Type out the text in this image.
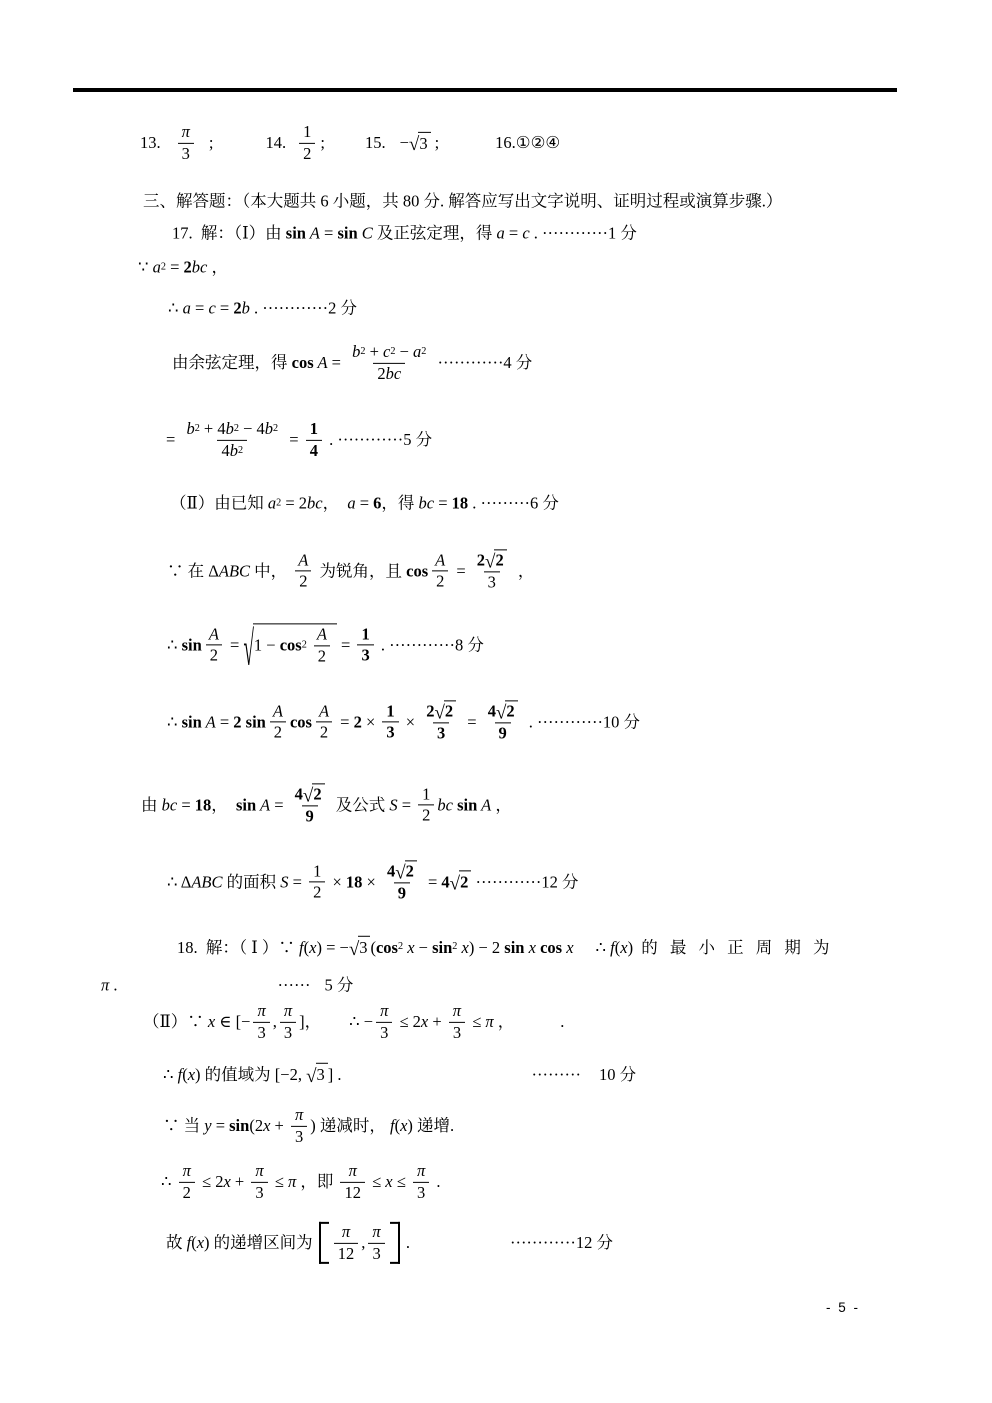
13. $\frac{\pi}{3}$ ;	14. $\frac{1}{2}$ ; 15. − √ 3 ;	16.①②④
三、解答题：（本大题共 6 小题，共 80 分. 解答应写出文字说明、证明过程或演算步骤.）
17.  解：（Ⅰ）由 sin A = sin C 及正弦定理，得 a = c . ············1 分
∵ a 2 = 2 bc ，
∴ a = c = 2 b . ············2 分
由余弦定理，得 $\cos A = \frac{b 2 + c 2 - a 2}{2 bc} \cdot\cdot\cdot\cdot\cdot\cdot\cdot\cdot\cdot\cdot\cdot\cdot 4$ 分
= $\frac{b 2 + 4 b 2 - 4 b 2}{4 b 2} = \frac{1}{4}$ . ············5 分
（Ⅱ）由已知 a 2 = 2 bc ， a = 6 ，得 bc = 18 . ·········6 分
∵ 在 Δ ABC 中， $\frac{A}{2}$ 为锐角，且 $\cos \frac{A}{2} = \frac{2 √ 2}{3}$ ，
∴ $\sin \frac{A}{2}$ = √ $1 - \cos 2 \frac{A}{2} = \frac{1}{3}$ . ············8 分
∴ sin A = 2
$\sin \frac{A}{2}$ $\cos \frac{A}{2} = 2 \times \frac{1}{3} \times \frac{2 √ 2}{3} = \frac{4 √ 2}{9}$ . ············10 分
由 bc = 18 ， $\sin A = \frac{4 √ 2}{9}$ 及公式 $S = \frac{1}{2}$ bc
sin A ，
∴ Δ ABC 的面积 $S = \frac{1}{2} \times 18 \times \frac{4 √ 2}{9} = 4$ √ 2 ············12 分
18.  解：（ Ⅰ ）∵ f ( x ) = − √ 3 ( cos 2 x − sin 2 x ) − 2 sin x
cos x ∴ f ( x ) 的 最 小 正 周 期 为
π .	······ 5 分
（Ⅱ）∵ x ∈ [− $\frac{\pi}{3}$ , $\frac{\pi}{3}$ ]， ∴ − $\frac{\pi}{3} \le 2$ $x + \frac{\pi}{3} \le \pi$ ，	.
∴ f ( x ) 的值域为 [−2, √ 3 ] .	········· 10 分
∵ 当 y = sin (2 $x + \frac{\pi}{3}$ ) 递减时， f ( x ) 递增.
∴ $\frac{\pi}{2} \le 2$ $x + \frac{\pi}{3} \le \pi$ ，即 $\frac{\pi}{12} \le x \le \frac{\pi}{3}$ .
故 f ( x ) 的递增区间为 $\frac{\pi}{12}$ , $\frac{\pi}{3}$ .	············12 分
- 5 -
